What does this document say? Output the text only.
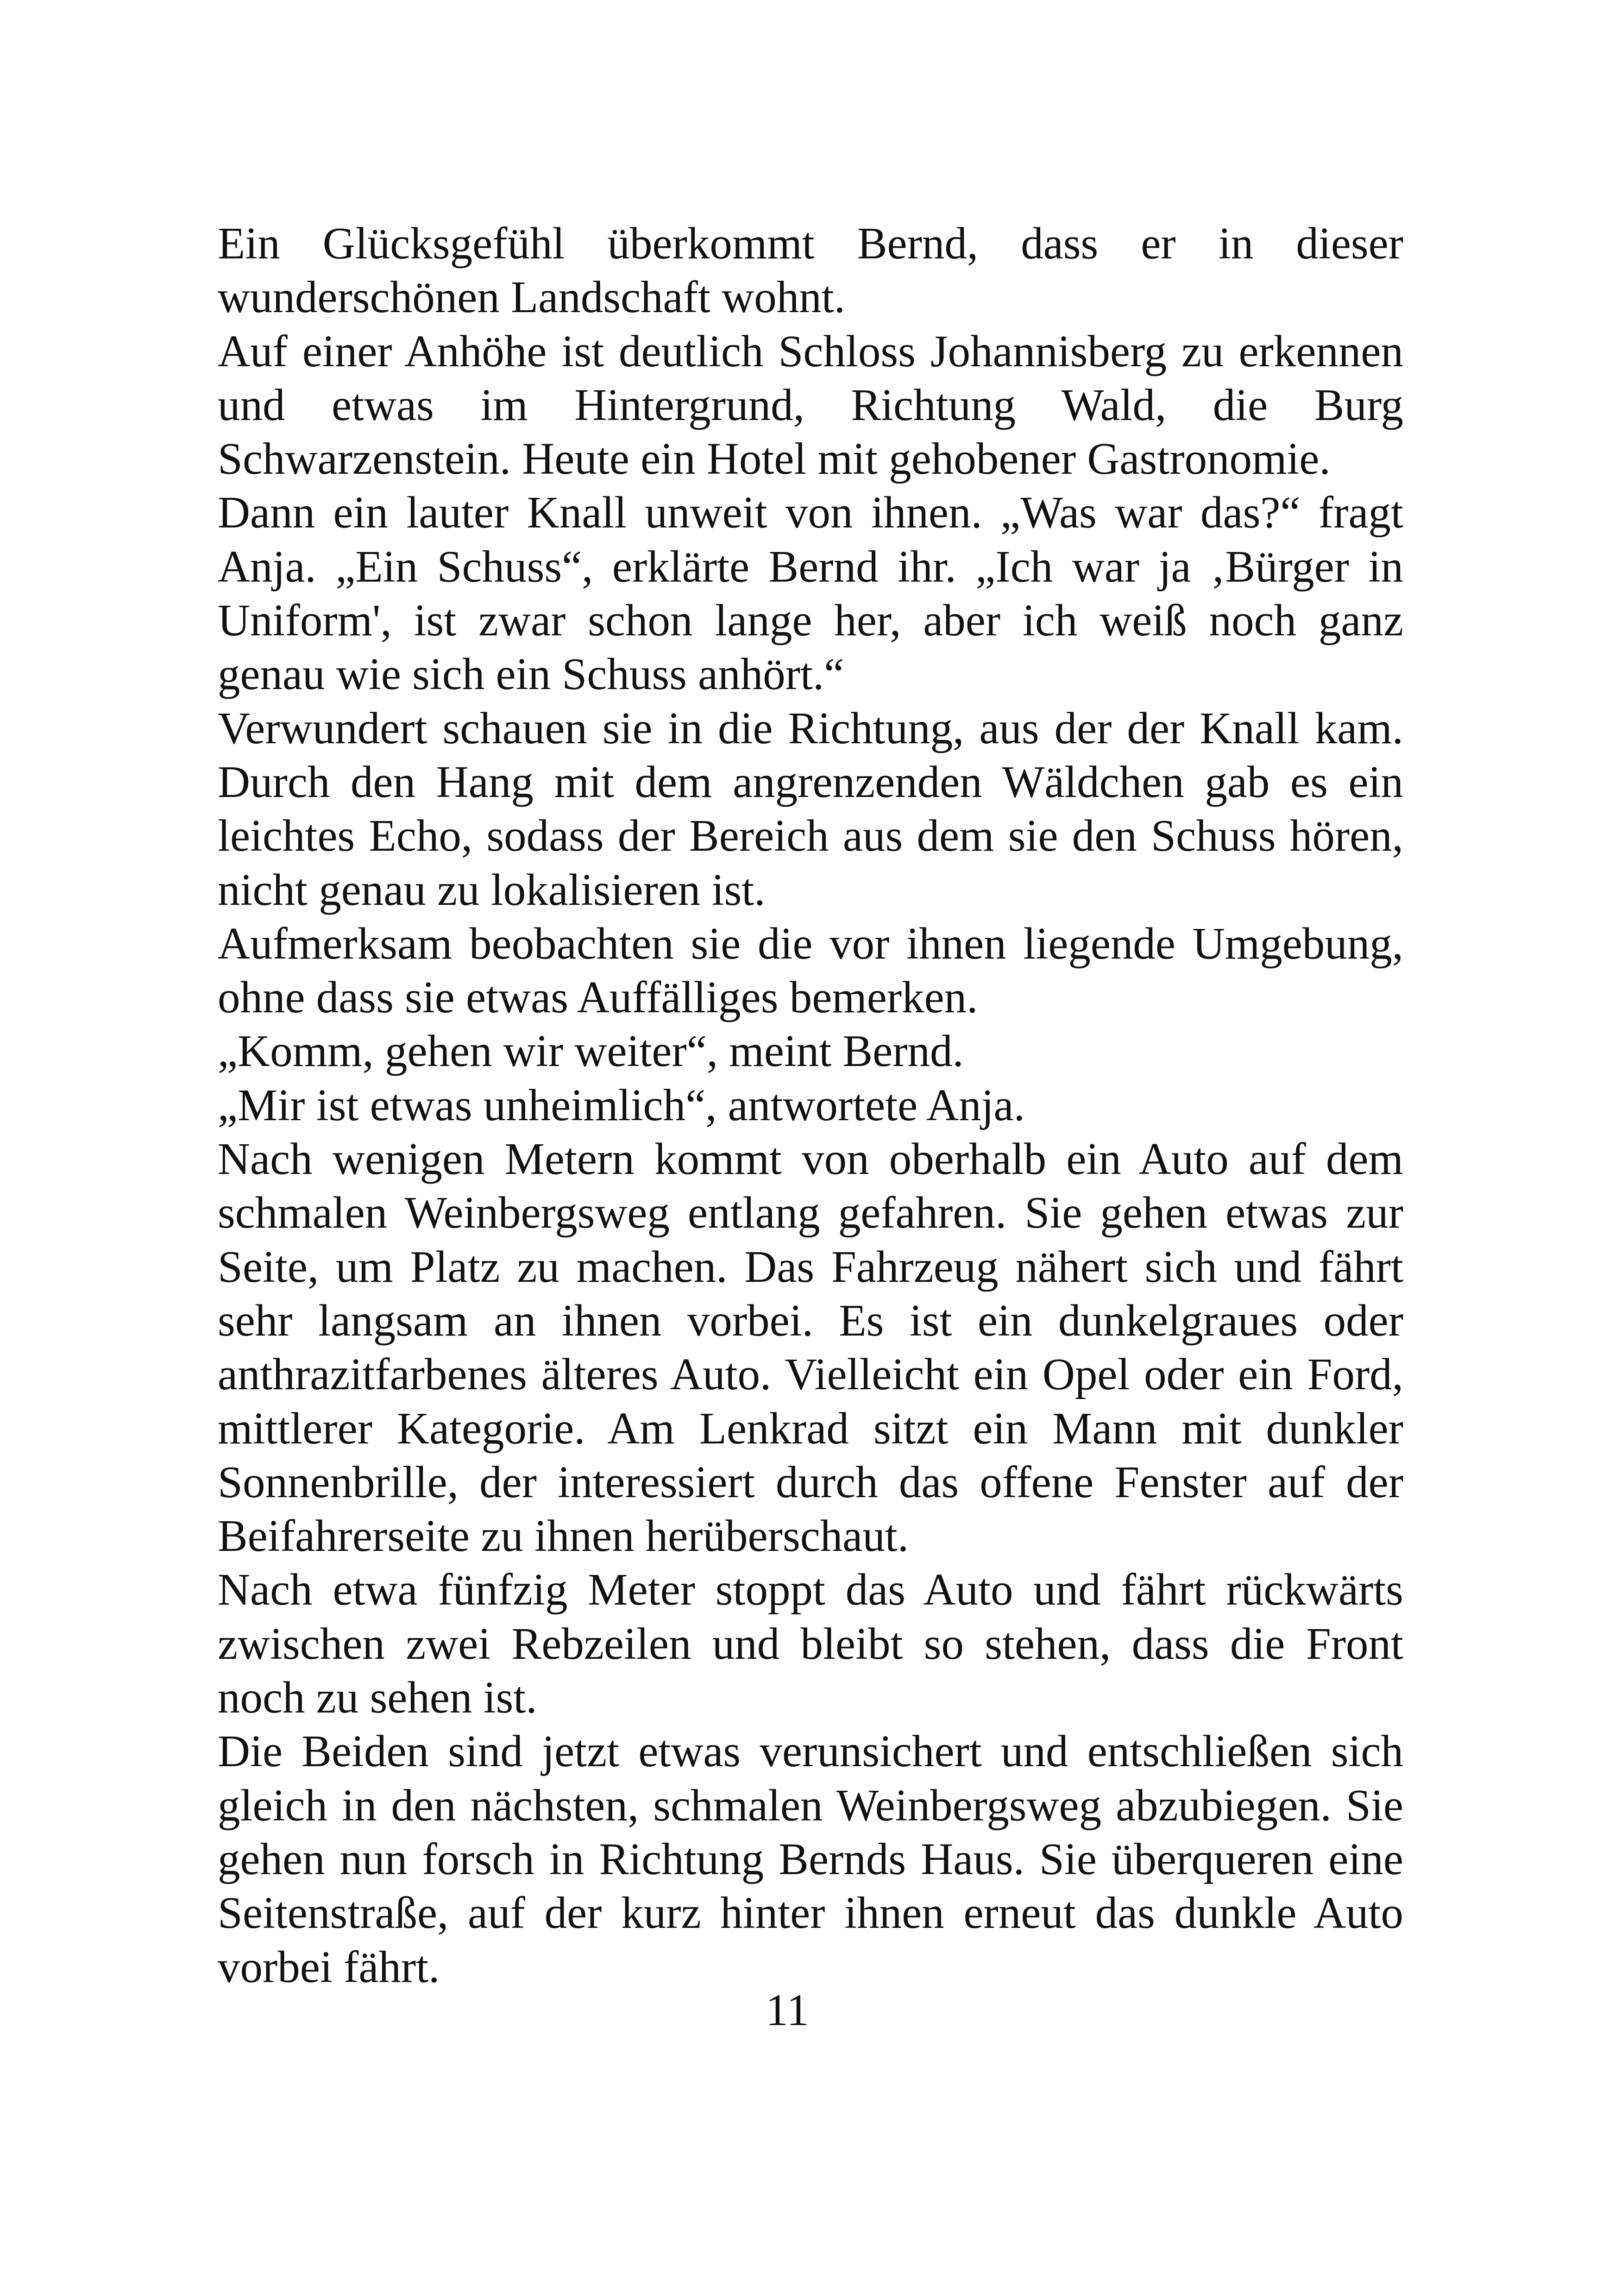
Ein Glücksgefühl überkommt Bernd, dass er in dieser wunderschönen Landschaft wohnt.

Auf einer Anhöhe ist deutlich Schloss Johannisberg zu erkennen und etwas im Hintergrund, Richtung Wald, die Burg Schwarzenstein. Heute ein Hotel mit gehobener Gastronomie.

Dann ein lauter Knall unweit von ihnen. „Was war das?“ fragt Anja. „Ein Schuss“, erklärte Bernd ihr. „Ich war ja ‚Bürger in Uniform', ist zwar schon lange her, aber ich weiß noch ganz genau wie sich ein Schuss anhört.“

Verwundert schauen sie in die Richtung, aus der der Knall kam. Durch den Hang mit dem angrenzenden Wäldchen gab es ein leichtes Echo, sodass der Bereich aus dem sie den Schuss hören, nicht genau zu lokalisieren ist.

Aufmerksam beobachten sie die vor ihnen liegende Umgebung, ohne dass sie etwas Auffälliges bemerken.

„Komm, gehen wir weiter“, meint Bernd.

„Mir ist etwas unheimlich“, antwortete Anja.

Nach wenigen Metern kommt von oberhalb ein Auto auf dem schmalen Weinbergsweg entlang gefahren. Sie gehen etwas zur Seite, um Platz zu machen. Das Fahrzeug nähert sich und fährt sehr langsam an ihnen vorbei. Es ist ein dunkelgraues oder anthrazitfarbenes älteres Auto. Vielleicht ein Opel oder ein Ford, mittlerer Kategorie. Am Lenkrad sitzt ein Mann mit dunkler Sonnenbrille, der interessiert durch das offene Fenster auf der Beifahrerseite zu ihnen herüberschaut.

Nach etwa fünfzig Meter stoppt das Auto und fährt rückwärts zwischen zwei Rebzeilen und bleibt so stehen, dass die Front noch zu sehen ist.

Die Beiden sind jetzt etwas verunsichert und entschließen sich gleich in den nächsten, schmalen Weinbergsweg abzubiegen. Sie gehen nun forsch in Richtung Bernds Haus. Sie überqueren eine Seitenstraße, auf der kurz hinter ihnen erneut das dunkle Auto vorbei fährt.

11
